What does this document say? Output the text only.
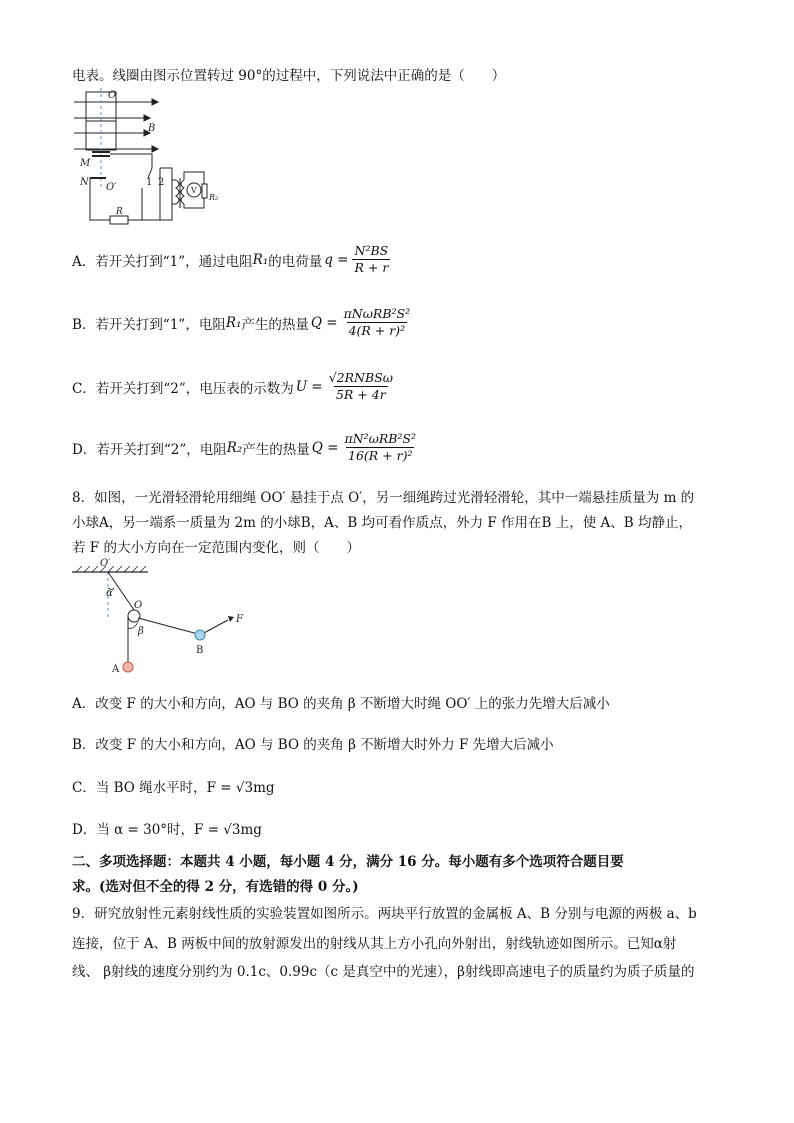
电表。线圈由图示位置转过 90°的过程中，下列说法中正确的是（　　）
O
B
M
N O′	1 2
V
R₂
R
A．若开关打到“1”，通过电阻 R₁ 的电荷量 $q = \frac{\text{N²BS}}{R + r}$
B．若开关打到“1”，电阻 R₁ 产生的热量 $Q = \frac{\text{πNωRB²S²}}{\text{4(R + r)²}}$
C．若开关打到“2”，电压表的示数为 $U = \frac{\text{√2RNBSω}}{5R + 4r}$
D．若开关打到“2”，电阻 R₂ 产生的热量 $Q = \frac{\text{πN²ωRB²S²}}{\text{16(R + r)²}}$
8．如图，一光滑轻滑轮用细绳 OO′ 悬挂于点 O′，另一细绳跨过光滑轻滑轮，其中一端悬挂质量为 m 的
小球A，另一端系一质量为 2m 的小球B，A、B 均可看作质点，外力 F 作用在B 上，使 A、B 均静止，
若 F 的大小方向在一定范围内变化，则（　　）
O′
α
O
β
F
A
B
A．改变 F 的大小和方向，AO 与 BO 的夹角 β 不断增大时绳 OO′ 上的张力先增大后减小
B．改变 F 的大小和方向，AO 与 BO 的夹角 β 不断增大时外力 F 先增大后减小
C．当 BO 绳水平时，F = √3mg
D．当 α = 30°时，F = √3mg
二、多项选择题：本题共 4 小题，每小题 4 分，满分 16 分。每小题有多个选项符合题目要
求。(选对但不全的得 2 分，有选错的得 0 分。)
9．研究放射性元素射线性质的实验装置如图所示。两块平行放置的金属板 A、B 分别与电源的两极 a、b
连接，位于 A、B 两板中间的放射源发出的射线从其上方小孔向外射出，射线轨迹如图所示。已知α射
线、 β射线的速度分别约为 0.1c、0.99c（c 是真空中的光速），β射线即高速电子的质量约为质子质量的
